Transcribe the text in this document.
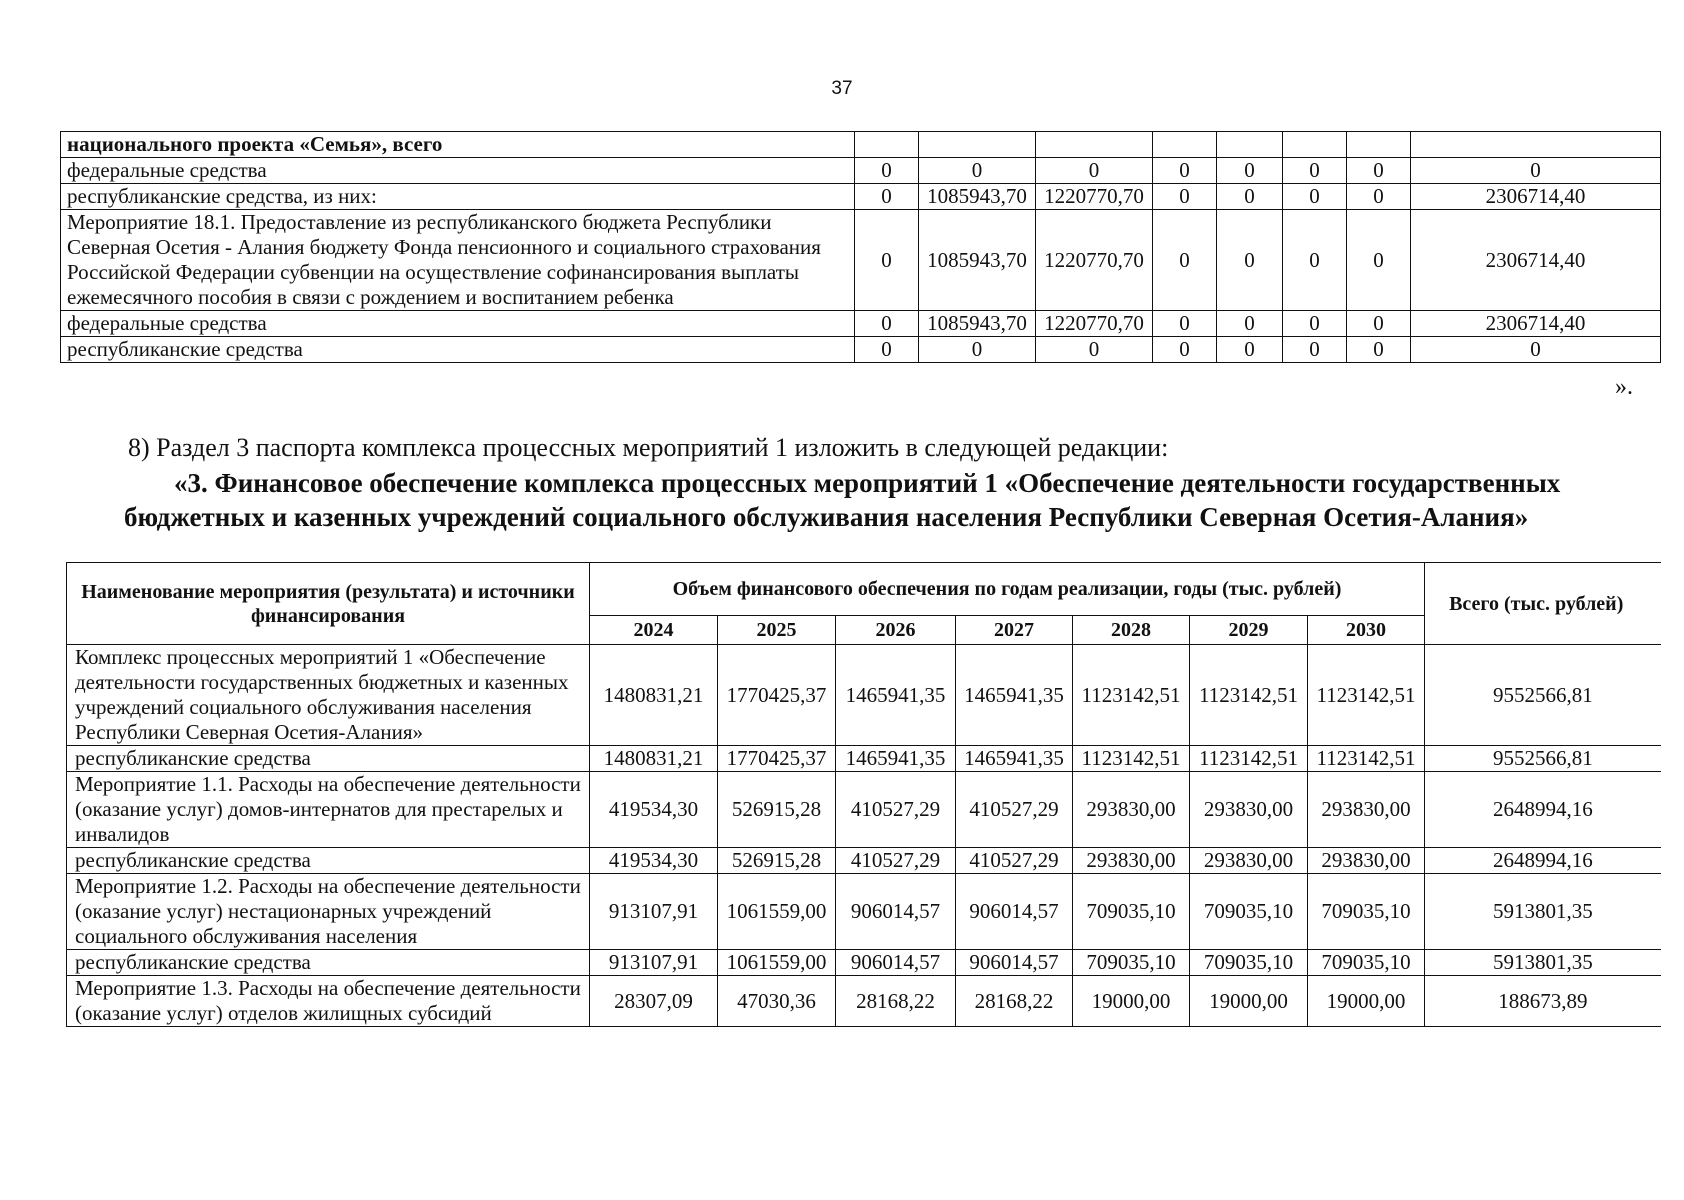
37
национального проекта «Семья», всего								
федеральные средства	0	0	0	0	0	0	0	0
республиканские средства, из них:	0	1085943,70	1220770,70	0	0	0	0	2306714,40
Мероприятие 18.1. Предоставление из республиканского бюджета Республики Северная Осетия - Алания бюджету Фонда пенсионного и социального страхования Российской Федерации субвенции на осуществление софинансирования выплаты ежемесячного пособия в связи с рождением и воспитанием ребенка	0	1085943,70	1220770,70	0	0	0	0	2306714,40
федеральные средства	0	1085943,70	1220770,70	0	0	0	0	2306714,40
республиканские средства	0	0	0	0	0	0	0	0
».
8) Раздел 3 паспорта комплекса процессных мероприятий 1 изложить в следующей редакции:
«3. Финансовое обеспечение комплекса процессных мероприятий 1 «Обеспечение деятельности государственных бюджетных и казенных учреждений социального обслуживания населения Республики Северная Осетия-Алания»
Наименование мероприятия (результата) и источники финансирования	Объем финансового обеспечения по годам реализации, годы (тыс. рублей)							Всего (тыс. рублей)
	2024	2025	2026	2027	2028	2029	2030	
Комплекс процессных мероприятий 1 «Обеспечение деятельности государственных бюджетных и казенных учреждений социального обслуживания населения Республики Северная Осетия-Алания»	1480831,21	1770425,37	1465941,35	1465941,35	1123142,51	1123142,51	1123142,51	9552566,81
республиканские средства	1480831,21	1770425,37	1465941,35	1465941,35	1123142,51	1123142,51	1123142,51	9552566,81
Мероприятие 1.1. Расходы на обеспечение деятельности (оказание услуг) домов-интернатов для престарелых и инвалидов	419534,30	526915,28	410527,29	410527,29	293830,00	293830,00	293830,00	2648994,16
республиканские средства	419534,30	526915,28	410527,29	410527,29	293830,00	293830,00	293830,00	2648994,16
Мероприятие 1.2. Расходы на обеспечение деятельности (оказание услуг) нестационарных учреждений социального обслуживания населения	913107,91	1061559,00	906014,57	906014,57	709035,10	709035,10	709035,10	5913801,35
республиканские средства	913107,91	1061559,00	906014,57	906014,57	709035,10	709035,10	709035,10	5913801,35
Мероприятие 1.3. Расходы на обеспечение деятельности (оказание услуг) отделов жилищных субсидий	28307,09	47030,36	28168,22	28168,22	19000,00	19000,00	19000,00	188673,89
